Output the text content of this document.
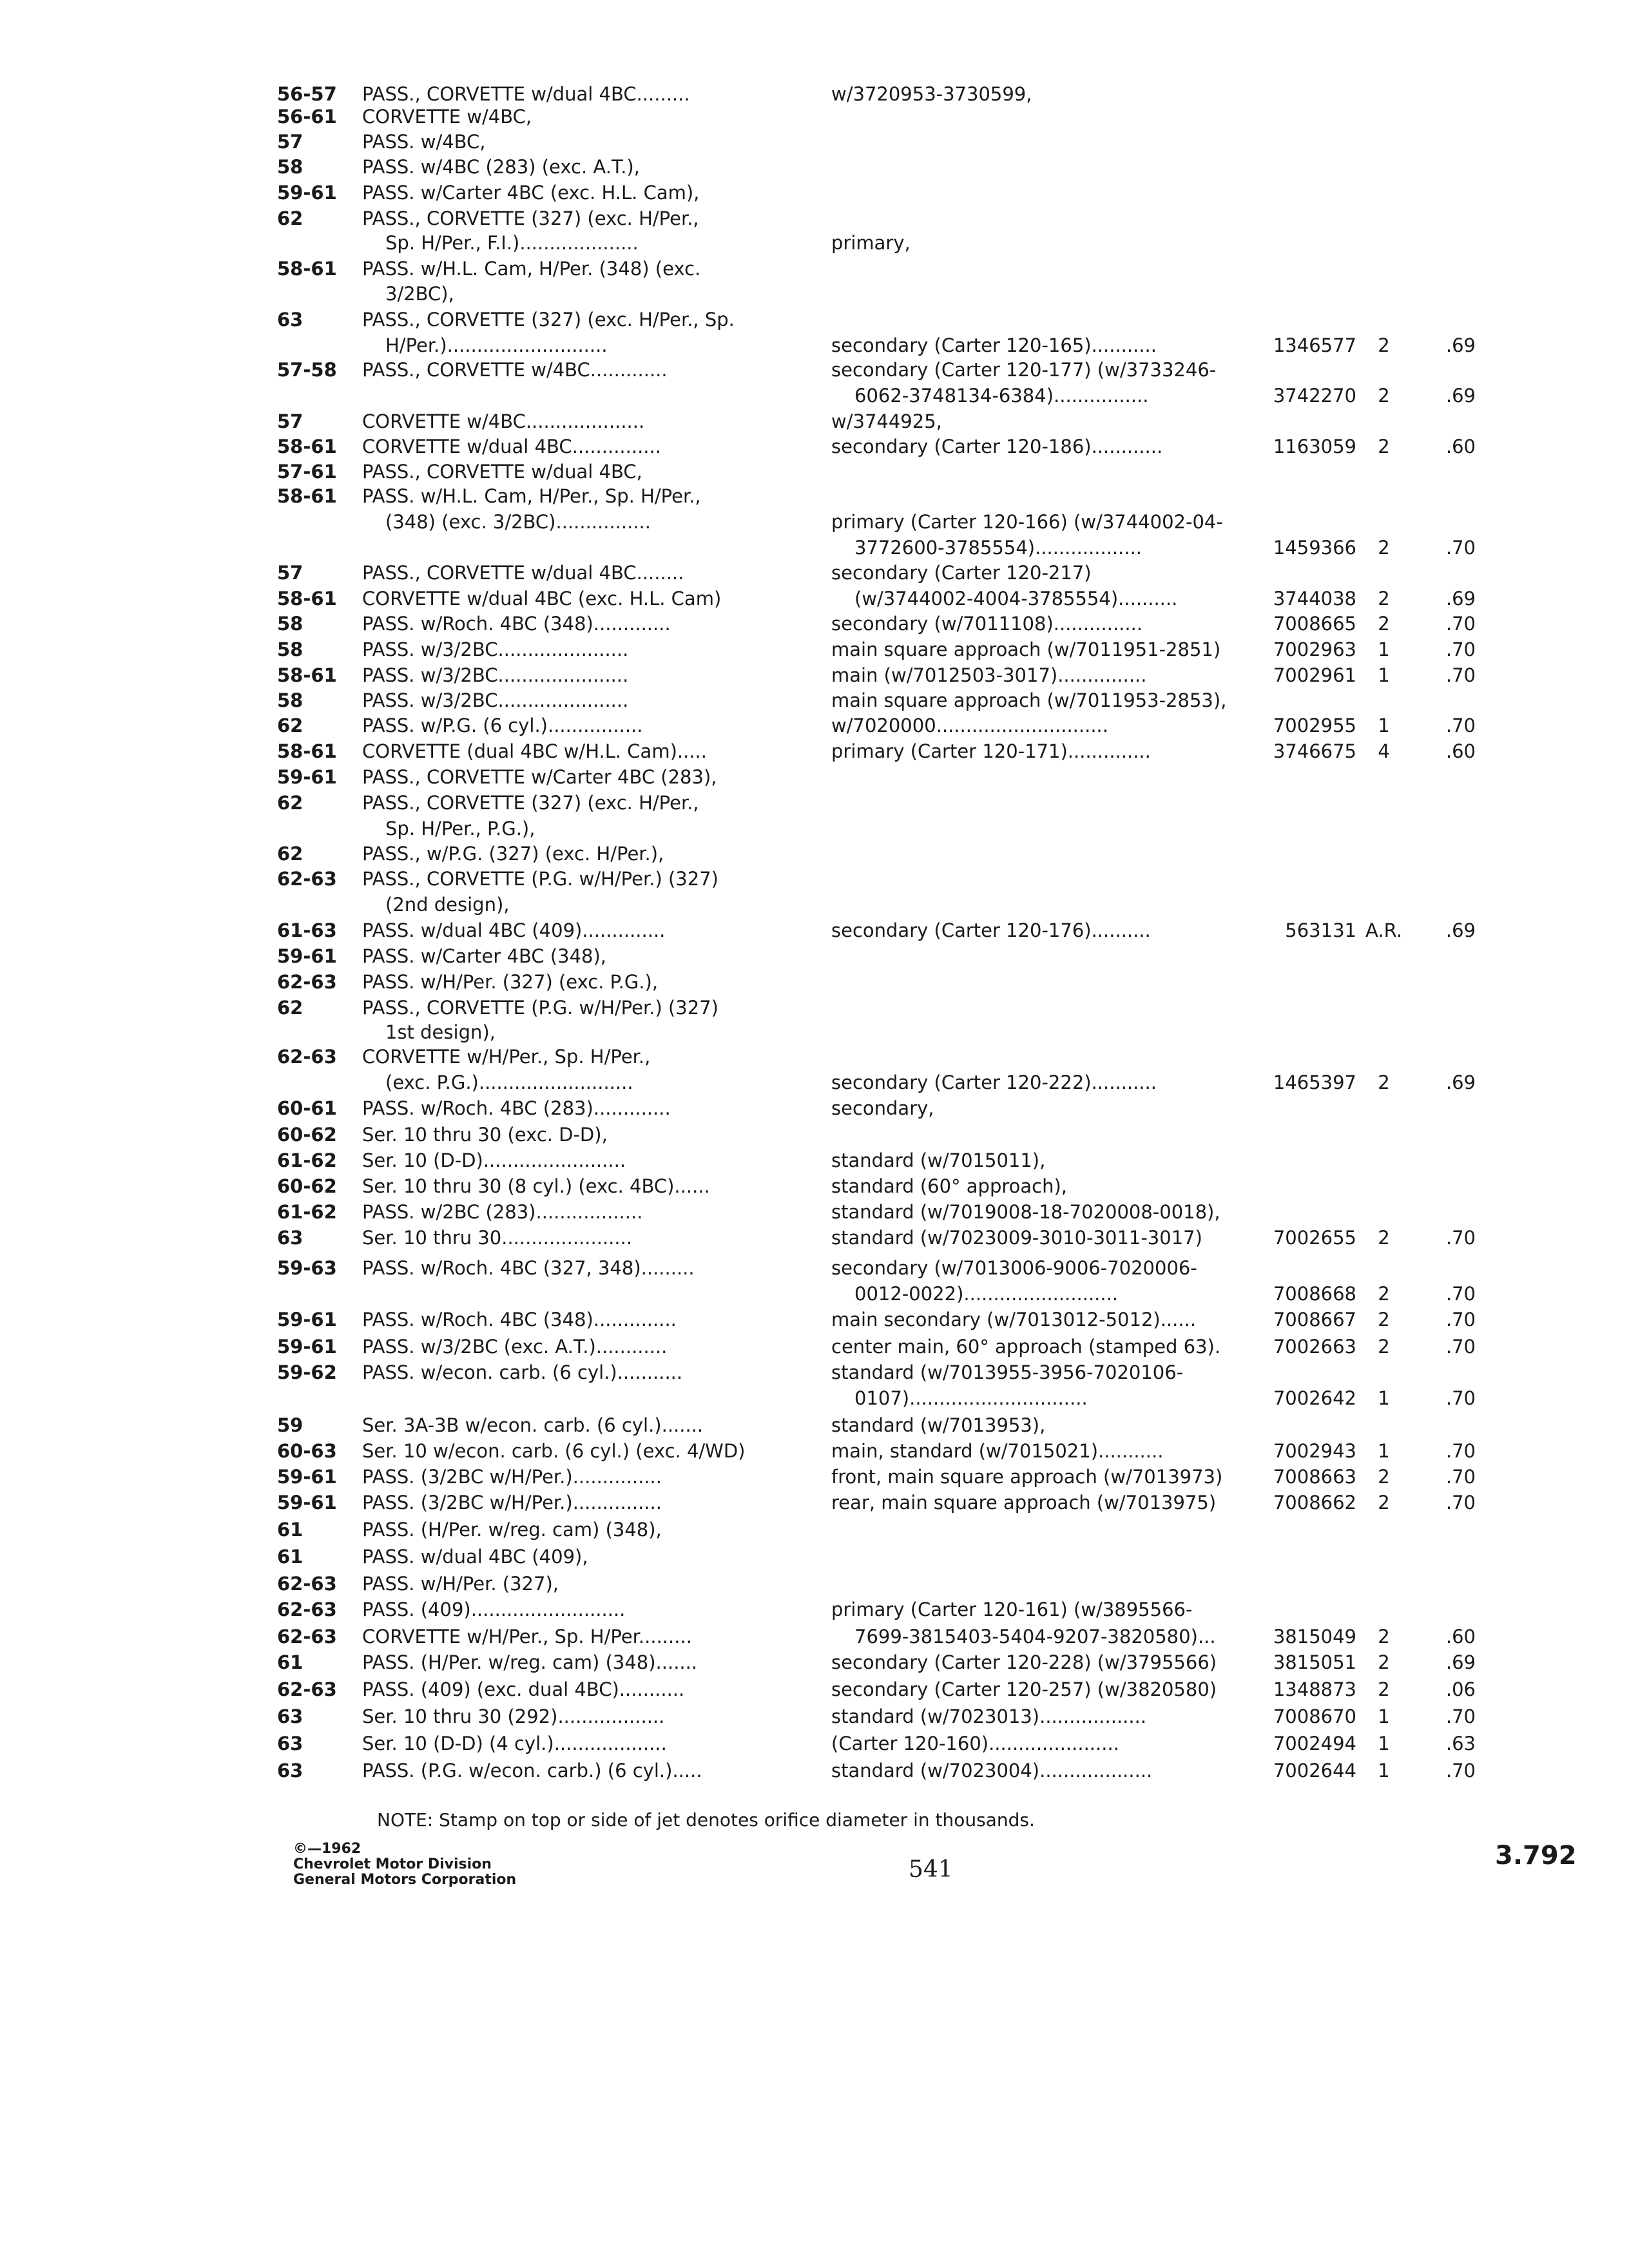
56-57	PASS., CORVETTE w/dual 4BC.........	w/3720953-3730599,
56-61	CORVETTE w/4BC,
57	PASS. w/4BC,
58	PASS. w/4BC (283) (exc. A.T.),
59-61	PASS. w/Carter 4BC (exc. H.L. Cam),
62	PASS., CORVETTE (327) (exc. H/Per.,
Sp. H/Per., F.I.)....................	primary,
58-61	PASS. w/H.L. Cam, H/Per. (348) (exc.
3/2BC),
63	PASS., CORVETTE (327) (exc. H/Per., Sp.
H/Per.)...........................	secondary (Carter 120-165)...........	1346577	2	.69
57-58	PASS., CORVETTE w/4BC.............	secondary (Carter 120-177) (w/3733246-
6062-3748134-6384)................	3742270	2	.69
57	CORVETTE w/4BC....................	w/3744925,
58-61	CORVETTE w/dual 4BC...............	secondary (Carter 120-186)............	1163059	2	.60
57-61	PASS., CORVETTE w/dual 4BC,
58-61	PASS. w/H.L. Cam, H/Per., Sp. H/Per.,
(348) (exc. 3/2BC)................	primary (Carter 120-166) (w/3744002-04-
3772600-3785554)..................	1459366	2	.70
57	PASS., CORVETTE w/dual 4BC........	secondary (Carter 120-217)
58-61	CORVETTE w/dual 4BC (exc. H.L. Cam)	(w/3744002-4004-3785554)..........	3744038	2	.69
58	PASS. w/Roch. 4BC (348).............	secondary (w/7011108)...............	7008665	2	.70
58	PASS. w/3/2BC......................	main square approach (w/7011951-2851)	7002963	1	.70
58-61	PASS. w/3/2BC......................	main (w/7012503-3017)...............	7002961	1	.70
58	PASS. w/3/2BC......................	main square approach (w/7011953-2853),
62	PASS. w/P.G. (6 cyl.)................	w/7020000.............................	7002955	1	.70
58-61	CORVETTE (dual 4BC w/H.L. Cam).....	primary (Carter 120-171)..............	3746675	4	.60
59-61	PASS., CORVETTE w/Carter 4BC (283),
62	PASS., CORVETTE (327) (exc. H/Per.,
Sp. H/Per., P.G.),
62	PASS., w/P.G. (327) (exc. H/Per.),
62-63	PASS., CORVETTE (P.G. w/H/Per.) (327)
(2nd design),
61-63	PASS. w/dual 4BC (409)..............	secondary (Carter 120-176)..........	563131 A.R.	.69
59-61	PASS. w/Carter 4BC (348),
62-63	PASS. w/H/Per. (327) (exc. P.G.),
62	PASS., CORVETTE (P.G. w/H/Per.) (327)
1st design),
62-63	CORVETTE w/H/Per., Sp. H/Per.,
(exc. P.G.)..........................	secondary (Carter 120-222)...........	1465397	2	.69
60-61	PASS. w/Roch. 4BC (283).............	secondary,
60-62	Ser. 10 thru 30 (exc. D-D),
61-62	Ser. 10 (D-D)........................	standard (w/7015011),
60-62	Ser. 10 thru 30 (8 cyl.) (exc. 4BC)......	standard (60° approach),
61-62	PASS. w/2BC (283)..................	standard (w/7019008-18-7020008-0018),
63	Ser. 10 thru 30......................	standard (w/7023009-3010-3011-3017)	7002655	2	.70
59-63	PASS. w/Roch. 4BC (327, 348).........	secondary (w/7013006-9006-7020006-
0012-0022)..........................	7008668	2	.70
59-61	PASS. w/Roch. 4BC (348)..............	main secondary (w/7013012-5012)......	7008667	2	.70
59-61	PASS. w/3/2BC (exc. A.T.)............	center main, 60° approach (stamped 63).	7002663	2	.70
59-62	PASS. w/econ. carb. (6 cyl.)...........	standard (w/7013955-3956-7020106-
0107)..............................	7002642	1	.70
59	Ser. 3A-3B w/econ. carb. (6 cyl.).......	standard (w/7013953),
60-63	Ser. 10 w/econ. carb. (6 cyl.) (exc. 4/WD)	main, standard (w/7015021)...........	7002943	1	.70
59-61	PASS. (3/2BC w/H/Per.)...............	front, main square approach (w/7013973)	7008663	2	.70
59-61	PASS. (3/2BC w/H/Per.)...............	rear, main square approach (w/7013975)	7008662	2	.70
61	PASS. (H/Per. w/reg. cam) (348),
61	PASS. w/dual 4BC (409),
62-63	PASS. w/H/Per. (327),
62-63	PASS. (409)..........................	primary (Carter 120-161) (w/3895566-
62-63	CORVETTE w/H/Per., Sp. H/Per.........	7699-3815403-5404-9207-3820580)...	3815049	2	.60
61	PASS. (H/Per. w/reg. cam) (348).......	secondary (Carter 120-228) (w/3795566)	3815051	2	.69
62-63	PASS. (409) (exc. dual 4BC)...........	secondary (Carter 120-257) (w/3820580)	1348873	2	.06
63	Ser. 10 thru 30 (292)..................	standard (w/7023013)..................	7008670	1	.70
63	Ser. 10 (D-D) (4 cyl.)...................	(Carter 120-160)......................	7002494	1	.63
63	PASS. (P.G. w/econ. carb.) (6 cyl.).....	standard (w/7023004)...................	7002644	1	.70
NOTE: Stamp on top or side of jet denotes orifice diameter in thousands.
©—1962
Chevrolet Motor Division
General Motors Corporation	541	3.792
